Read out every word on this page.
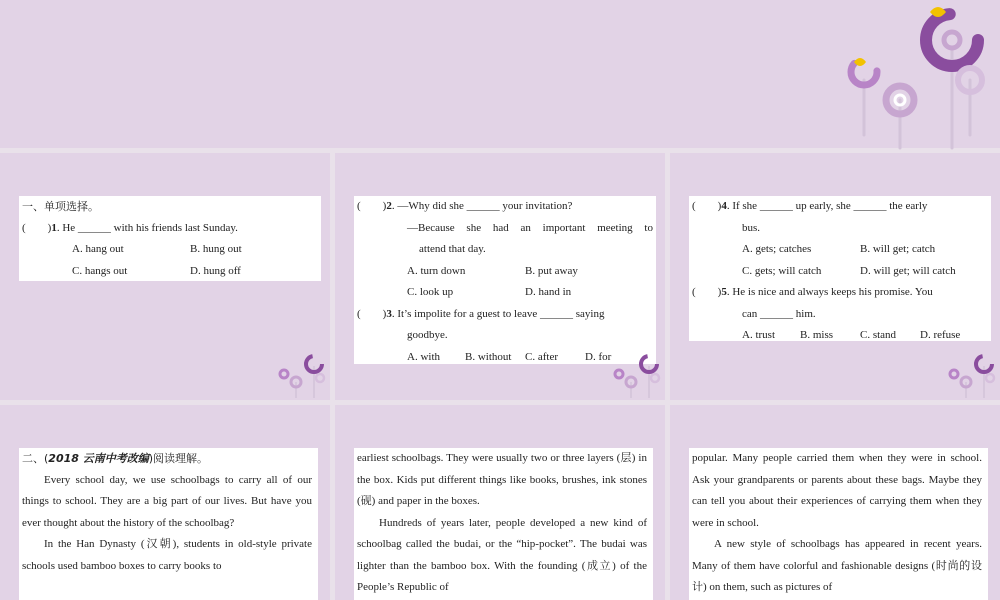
一、单项选择。

(　　)1. He ______ with his friends last Sunday.

A. hang out	B. hung out

C. hangs out	D. hung off

(　　)2. —Why did she ______ your invitation?

—Because she had an important meeting to

attend that day.

A. turn down	B. put away

C. look up	D. hand in

(　　)3. It’s impolite for a guest to leave ______ saying

goodbye.

A. with B. without C. after D. for

(　　)4. If she ______ up early, she ______ the early

bus.

A. gets; catches	B. will get; catch

C. gets; will catch	D. will get; will catch

(　　)5. He is nice and always keeps his promise. You

can ______ him.

A. trust B. miss C. stand D. refuse

二、(2018 云南中考改编)阅读理解。

Every school day, we use schoolbags to carry all of our things to school. They are a big part of our lives. But have you ever thought about the history of the schoolbag?

In the Han Dynasty (汉朝), students in old-style private schools used bamboo boxes to carry books to

earliest schoolbags. They were usually two or three layers (层) in the box. Kids put different things like books, brushes, ink stones (砚) and paper in the boxes.

Hundreds of years later, people developed a new kind of schoolbag called the budai, or the “hip-pocket”. The budai was lighter than the bamboo box. With the founding (成立) of the People’s Republic of

popular. Many people carried them when they were in school. Ask your grandparents or parents about these bags. Maybe they can tell you about their experiences of carrying them when they were in school.

A new style of schoolbags has appeared in recent years. Many of them have colorful and fashionable designs (时尚的设计) on them, such as pictures of
